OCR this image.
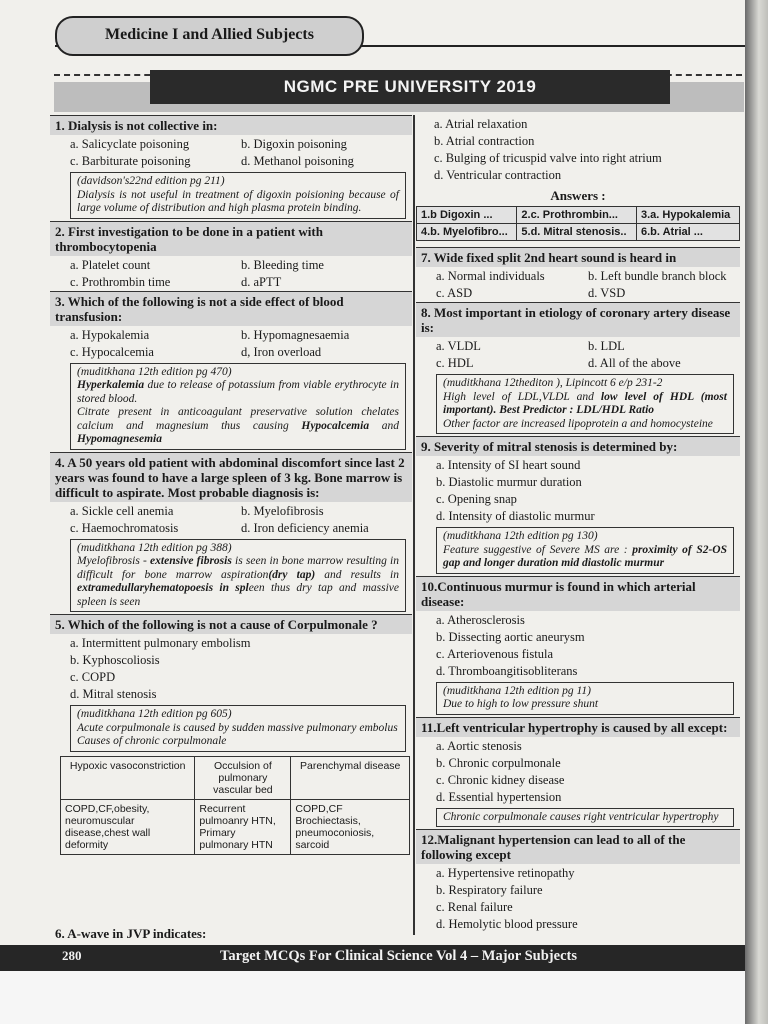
Medicine I and Allied Subjects
NGMC PRE UNIVERSITY 2019
1. Dialysis is not collective in:
a. Salicyclate poisoning	b. Digoxin poisoning
c. Barbiturate poisoning	d. Methanol poisoning
(davidson's22nd edition pg 211)
Dialysis is not useful in treatment of digoxin poisioning because of large volume of distribution and high plasma protein binding.
2. First investigation to be done in a patient with thrombocytopenia
a. Platelet count	b. Bleeding time
c. Prothrombin time	d. aPTT
3. Which of the following is not a side effect of blood transfusion:
a. Hypokalemia	b. Hypomagnesaemia
c. Hypocalcemia	d, Iron overload
(muditkhana 12th edition pg 470)
Hyperkalemia due to release of potassium from viable erythrocyte in stored blood.
Citrate present in anticoagulant preservative solution chelates calcium and magnesium thus causing Hypocalcemia and Hypomagnesemia
4. A 50 years old patient with abdominal discomfort since last 2 years was found to have a large spleen of 3 kg. Bone marrow is difficult to aspirate. Most probable diagnosis is:
a. Sickle cell anemia	b. Myelofibrosis
c. Haemochromatosis	d. Iron deficiency anemia
(muditkhana 12th edition pg 388)
Myelofibrosis - extensive fibrosis is seen in bone marrow resulting in difficult for bone marrow aspiration(dry tap) and results in extramedullaryhematopoesis in spleen thus dry tap and massive spleen is seen
5. Which of the following is not a cause of Corpulmonale ?
a. Intermittent pulmonary embolism
b. Kyphoscoliosis
c. COPD
d. Mitral stenosis
(muditkhana 12th edition pg 605)
Acute corpulmonale is caused by sudden massive pulmonary embolus
Causes of chronic corpulmonale
Hypoxic vasoconstriction	Occulsion of pulmonary vascular bed	Parenchymal disease
COPD,CF,obesity, neuromuscular disease,chest wall deformity	Recurrent pulmoanry HTN, Primary pulmonary HTN	COPD,CF Brochiectasis, pneumoconiosis, sarcoid
6. A-wave in JVP indicates:
a. Atrial relaxation
b. Atrial contraction
c. Bulging of tricuspid valve into right atrium
d. Ventricular contraction
Answers :
1.b Digoxin ...	2.c. Prothrombin...	3.a. Hypokalemia
4.b. Myelofibro...	5.d. Mitral stenosis..	6.b. Atrial ...
7. Wide fixed split 2nd heart sound is heard in
a. Normal individuals	b. Left bundle branch block
c. ASD	d. VSD
8. Most important in etiology of coronary artery disease is:
a. VLDL	b. LDL
c. HDL	d. All of the above
(muditkhana 12thediton ), Lipincott 6 e/p 231-2
High level of LDL,VLDL and low level of HDL (most important). Best Predictor : LDL/HDL Ratio
Other factor are increased lipoprotein a and homocysteine
9. Severity of mitral stenosis is determined by:
a. Intensity of SI heart sound
b. Diastolic murmur duration
c. Opening snap
d. Intensity of diastolic murmur
(muditkhana 12th edition pg 130)
Feature suggestive of Severe MS are : proximity of S2-OS gap and longer duration mid diastolic murmur
10.Continuous murmur is found in which arterial disease:
a. Atherosclerosis
b. Dissecting aortic aneurysm
c. Arteriovenous fistula
d. Thromboangitisobliterans
(muditkhana 12th edition pg 11)
Due to high to low pressure shunt
11.Left ventricular hypertrophy is caused by all except:
a. Aortic stenosis
b. Chronic corpulmonale
c. Chronic kidney disease
d. Essential hypertension
Chronic corpulmonale causes right ventricular hypertrophy
12.Malignant hypertension can lead to all of the following except
a. Hypertensive retinopathy
b. Respiratory failure
c. Renal failure
d. Hemolytic blood pressure
280	Target MCQs For Clinical Science Vol 4 – Major Subjects
